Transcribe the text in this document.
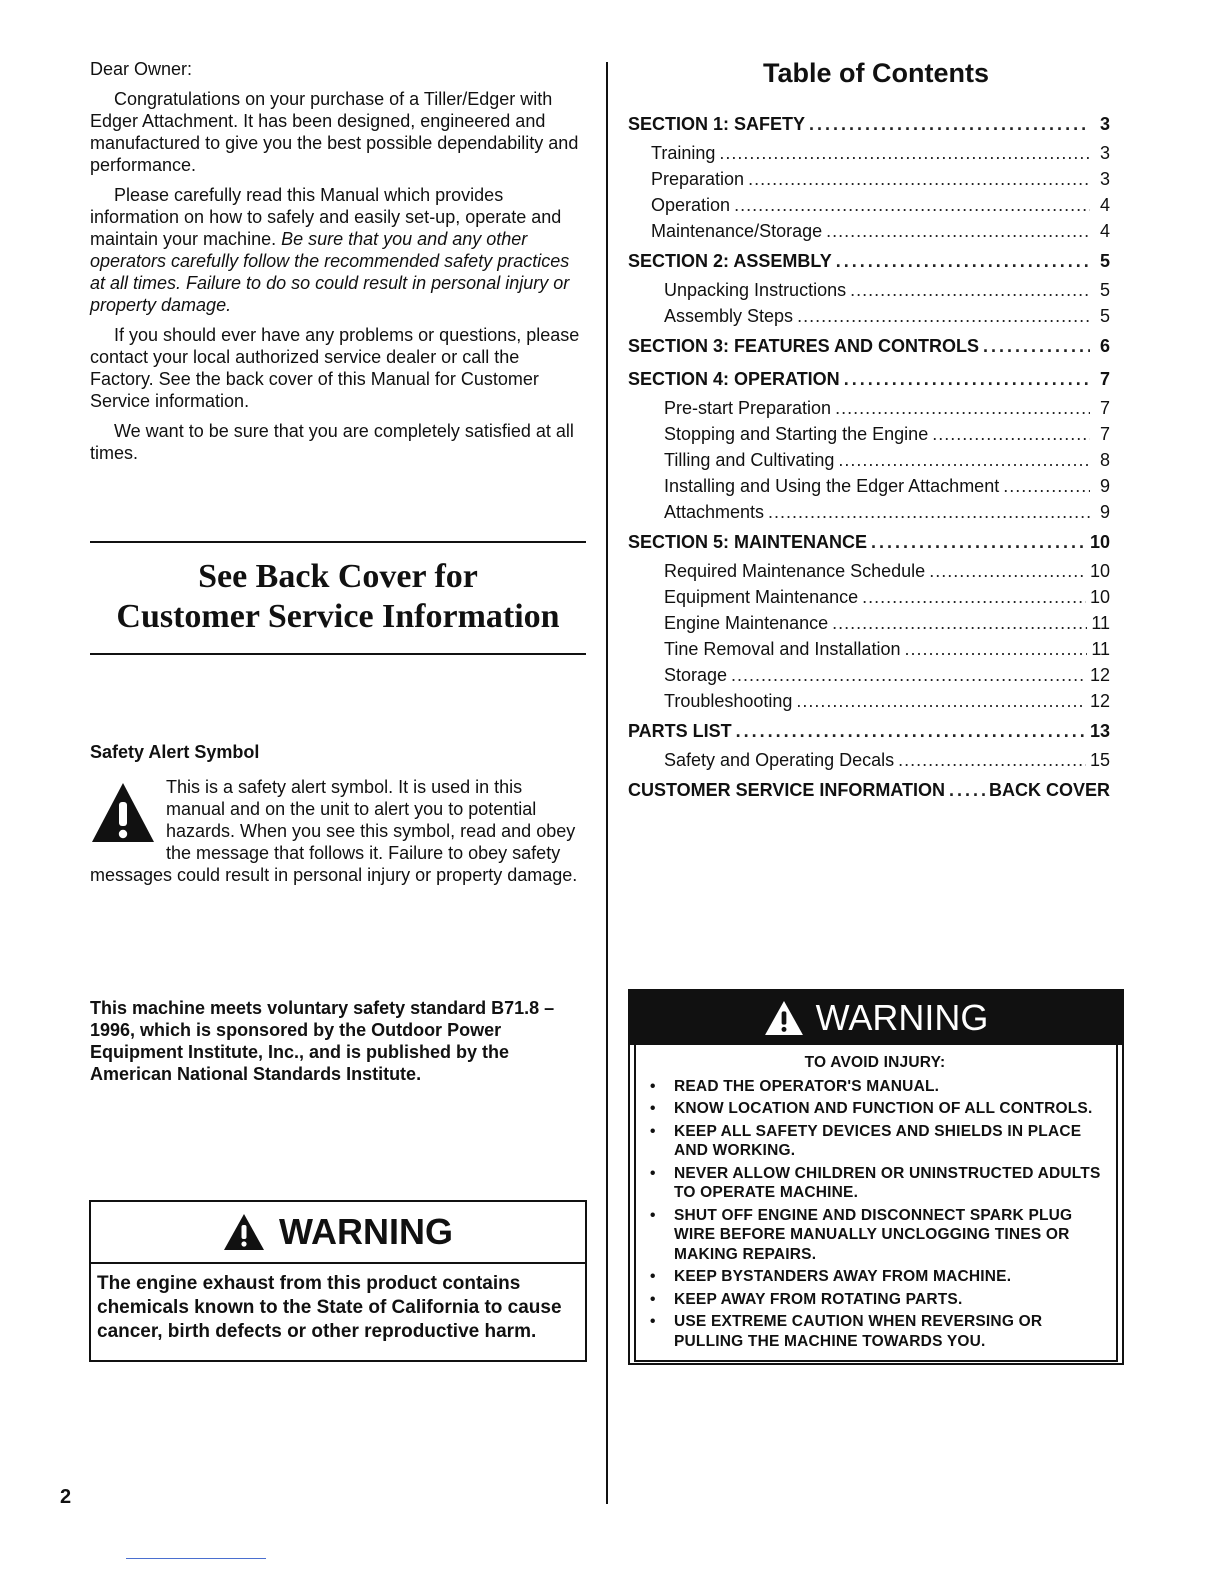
Dear Owner:

Congratulations on your purchase of a Tiller/Edger with Edger Attachment. It has been designed, engineered and manufactured to give you the best possible dependability and performance.

Please carefully read this Manual which provides information on how to safely and easily set-up, operate and maintain your machine. Be sure that you and any other operators carefully follow the recommended safety practices at all times. Failure to do so could result in personal injury or property damage.

If you should ever have any problems or questions, please contact your local authorized service dealer or call the Factory. See the back cover of this Manual for Customer Service information.

We want to be sure that you are completely satisfied at all times.

See Back Cover for
Customer Service Information
Safety Alert Symbol
This is a safety alert symbol. It is used in this manual and on the unit to alert you to potential hazards. When you see this symbol, read and obey the message that follows it. Failure to obey safety messages could result in personal injury or property damage.
This machine meets voluntary safety standard B71.8 – 1996, which is sponsored by the Outdoor Power Equipment Institute, Inc., and is published by the American National Standards Institute.
WARNING
The engine exhaust from this product contains chemicals known to the State of California to cause cancer, birth defects or other reproductive harm.
2
Table of Contents
SECTION 1: SAFETY .....	3
Training .....	3
Preparation .....	3
Operation .....	4
Maintenance/Storage .....	4
SECTION 2: ASSEMBLY .....	5
Unpacking Instructions .....	5
Assembly Steps .....	5
SECTION 3: FEATURES AND CONTROLS .....	6
SECTION 4: OPERATION .....	7
Pre-start Preparation .....	7
Stopping and Starting the Engine .....	7
Tilling and Cultivating .....	8
Installing and Using the Edger Attachment .....	9
Attachments .....	9
SECTION 5: MAINTENANCE .....	10
Required Maintenance Schedule .....	10
Equipment Maintenance .....	10
Engine Maintenance .....	11
Tine Removal and Installation .....	11
Storage .....	12
Troubleshooting .....	12
PARTS LIST .....	13
Safety and Operating Decals .....	15
CUSTOMER SERVICE INFORMATION ..... BACK COVER
WARNING
TO AVOID INJURY:
• READ THE OPERATOR'S MANUAL.
• KNOW LOCATION AND FUNCTION OF ALL CONTROLS.
• KEEP ALL SAFETY DEVICES AND SHIELDS IN PLACE AND WORKING.
• NEVER ALLOW CHILDREN OR UNINSTRUCTED ADULTS TO OPERATE MACHINE.
• SHUT OFF ENGINE AND DISCONNECT SPARK PLUG WIRE BEFORE MANUALLY UNCLOGGING TINES OR MAKING REPAIRS.
• KEEP BYSTANDERS AWAY FROM MACHINE.
• KEEP AWAY FROM ROTATING PARTS.
• USE EXTREME CAUTION WHEN REVERSING OR PULLING THE MACHINE TOWARDS YOU.
